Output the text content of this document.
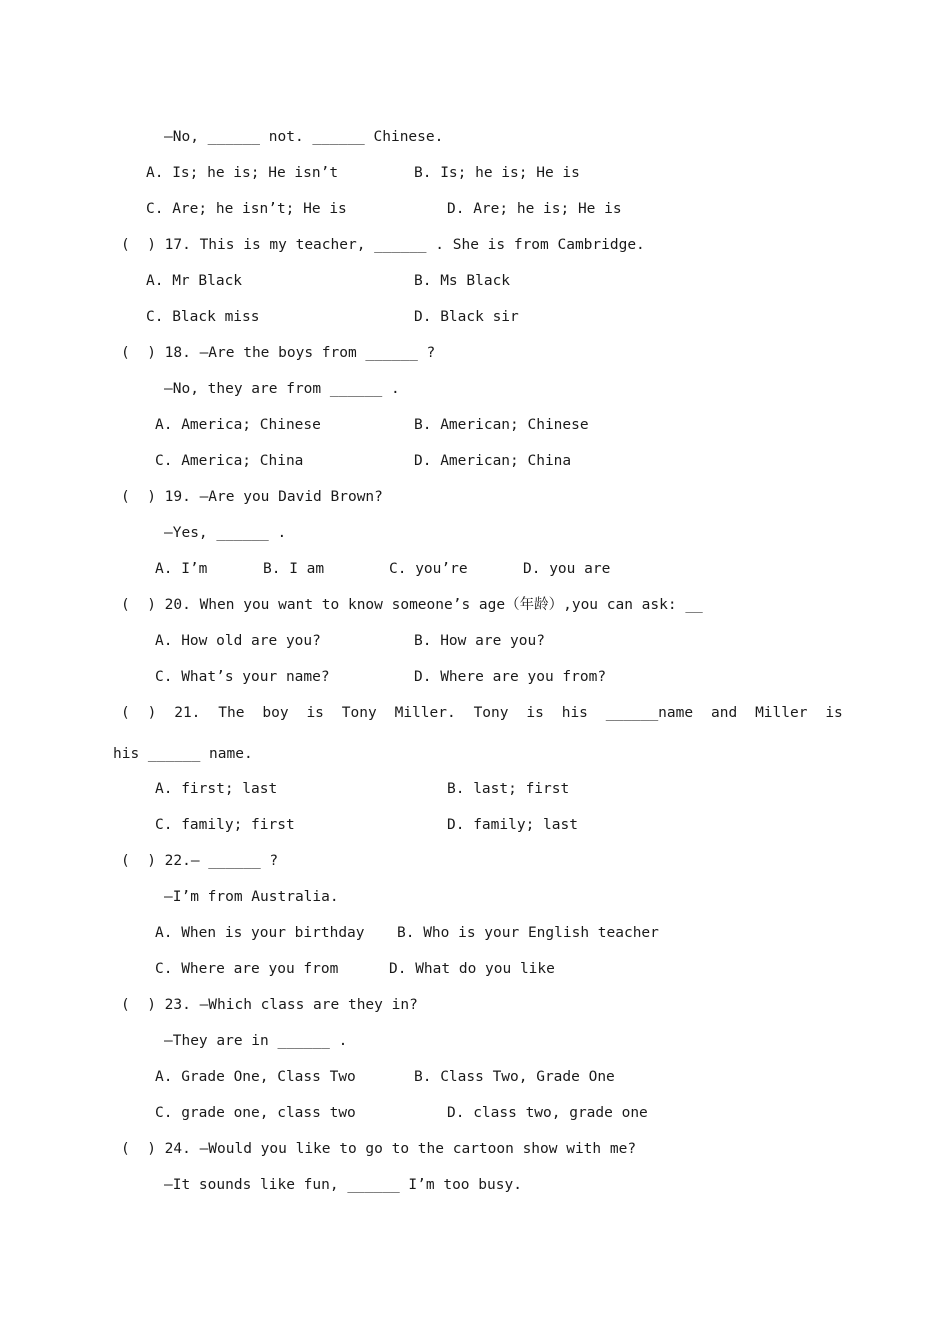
—No, ______ not. ______ Chinese.
A. Is; he is; He isn’t	B. Is; he is; He is
C. Are; he isn’t; He is	D. Are; he is; He is
(  ) 17. This is my teacher, ______ . She is from Cambridge.
A. Mr Black	B. Ms Black
C. Black miss	D. Black sir
(  ) 18. —Are the boys from ______ ?
—No, they are from ______ .
A. America; Chinese	B. American; Chinese
C. America; China	D. American; China
(  ) 19. —Are you David Brown?
—Yes, ______ .
A. I’m	B. I am	C. you’re	D. you are
(  ) 20. When you want to know someone’s age（年龄）,you can ask: __
A. How old are you?	B. How are you?
C. What’s your name?	D. Where are you from?
( ) 21. The boy is Tony Miller. Tony is his ______name and Miller is
his ______ name.
A. first; last	B. last; first
C. family; first	D. family; last
(  ) 22.— ______ ?
—I’m from Australia.
A. When is your birthday B. Who is your English teacher
C. Where are you from	D. What do you like
(  ) 23. —Which class are they in?
—They are in ______ .
A. Grade One, Class Two	B. Class Two, Grade One
C. grade one, class two	D. class two, grade one
(  ) 24. —Would you like to go to the cartoon show with me?
—It sounds like fun, ______ I’m too busy.
